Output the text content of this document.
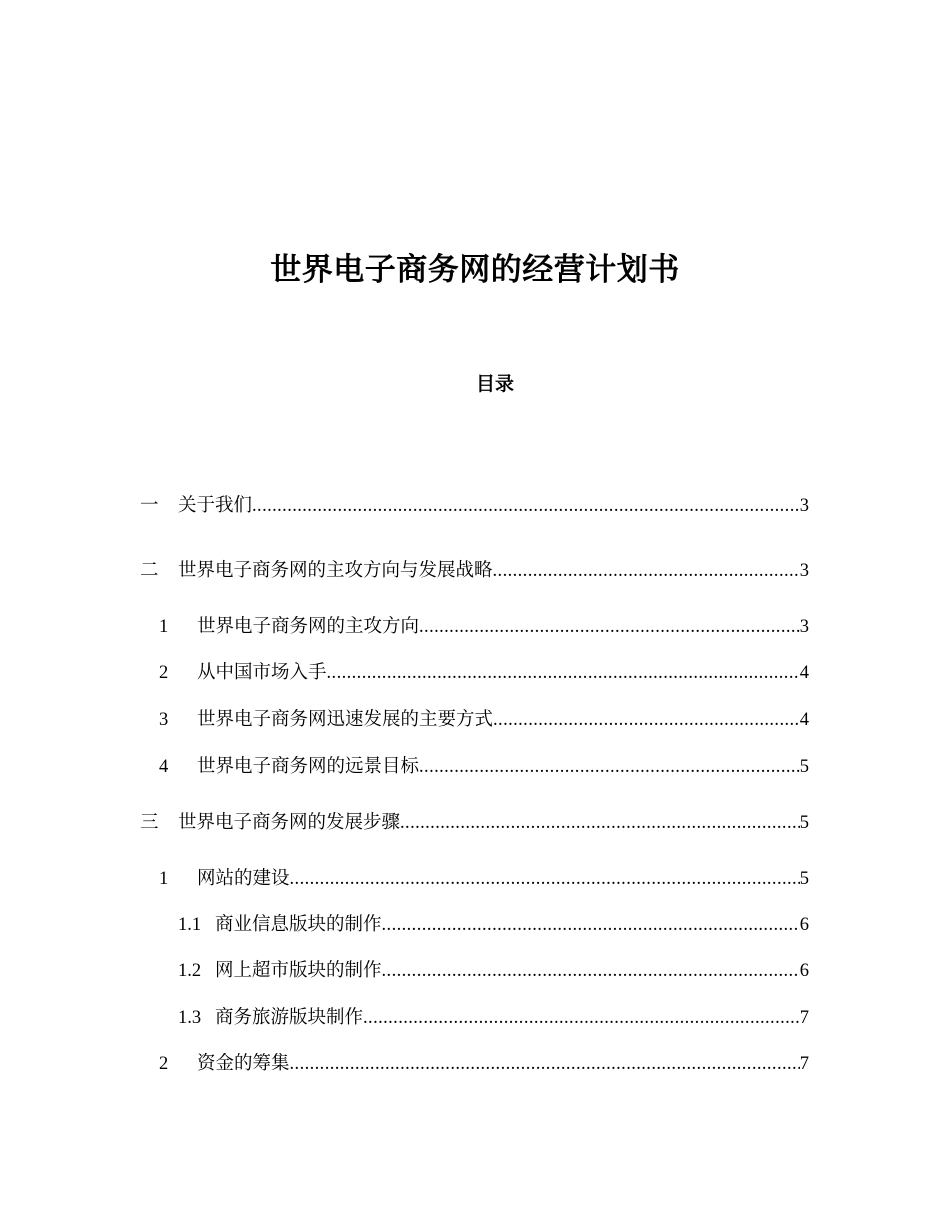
世界电子商务网的经营计划书
目录
一	关于我们 .....	3
二	世界电子商务网的主攻方向与发展战略 .....	3
1	世界电子商务网的主攻方向 .....	3
2	从中国市场入手 .....	4
3	世界电子商务网迅速发展的主要方式 .....	4
4	世界电子商务网的远景目标 .....	5
三	世界电子商务网的发展步骤 .....	5
1	网站的建设 .....	5
1.1 商业信息版块的制作 .....	6
1.2 网上超市版块的制作 .....	6
1.3 商务旅游版块制作 .....	7
2	资金的筹集 .....	7
